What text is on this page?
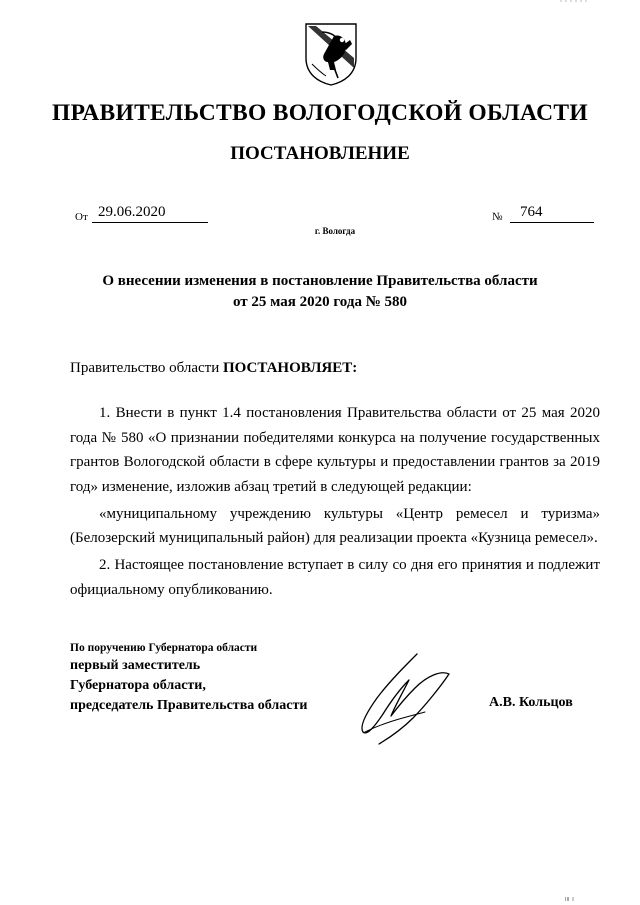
ПРАВИТЕЛЬСТВО ВОЛОГОДСКОЙ ОБЛАСТИ
ПОСТАНОВЛЕНИЕ
От 29.06.2020	№	764
г. Вологда
О внесении изменения в постановление Правительства области
от 25 мая 2020 года № 580
Правительство области ПОСТАНОВЛЯЕТ:

1. Внести в пункт 1.4 постановления Правительства области от 25 мая 2020 года № 580 «О признании победителями конкурса на получение государственных грантов Вологодской области в сфере культуры и предоставлении грантов за 2019 год» изменение, изложив абзац третий в следующей редакции:

«муниципальному учреждению культуры «Центр ремесел и туризма» (Белозерский муниципальный район) для реализации проекта «Кузница ремесел».

2. Настоящее постановление вступает в силу со дня его принятия и подлежит официальному опубликованию.

По поручению Губернатора области
первый заместитель
Губернатора области,
председатель Правительства области	А.В. Кольцов
